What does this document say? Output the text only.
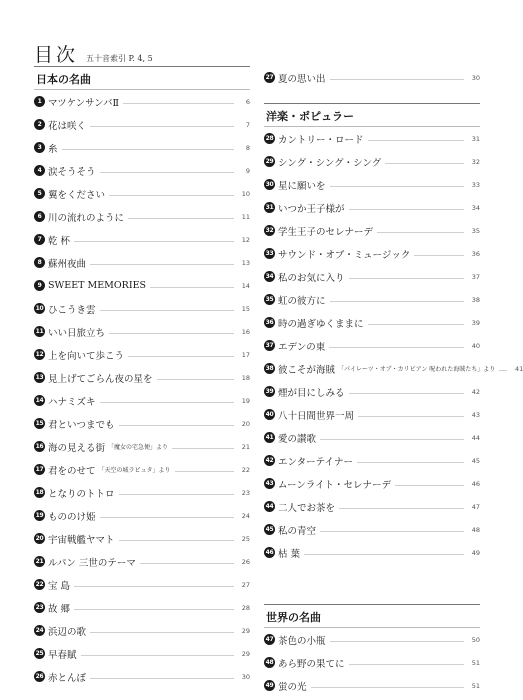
目次 五十音索引 P. 4, 5
日本の名曲
1 マツケンサンバⅡ	6
2 花は咲く	7
3 糸	8
4 涙そうそう	9
5 翼をください	10
6 川の流れのように	11
7 乾 杯	12
8 蘇州夜曲	13
9 SWEET MEMORIES	14
10 ひこうき雲	15
11 いい日旅立ち	16
12 上を向いて歩こう	17
13 見上げてごらん夜の星を	18
14 ハナミズキ	19
15 君といつまでも	20
16 海の見える街 「魔女の宅急便」より	21
17 君をのせて 「天空の城ラピュタ」より	22
18 となりのトトロ	23
19 もののけ姫	24
20 宇宙戦艦ヤマト	25
21 ルパン 三世のテーマ	26
22 宝 島	27
23 故 郷	28
24 浜辺の歌	29
25 早春賦	29
26 赤とんぼ	30
27 夏の思い出	30
洋楽・ポピュラー
28 カントリー・ロード	31
29 シング・シング・シング	32
30 星に願いを	33
31 いつか王子様が	34
32 学生王子のセレナーデ	35
33 サウンド・オブ・ミュージック	36
34 私のお気に入り	37
35 虹の彼方に	38
36 時の過ぎゆくままに	39
37 エデンの東	40
38 彼こそが海賊 「パイレーツ・オブ・カリビアン 呪われた海賊たち」より	41
39 煙が目にしみる	42
40 八十日間世界一周	43
41 愛の讃歌	44
42 エンターテイナー	45
43 ムーンライト・セレナーデ	46
44 二人でお茶を	47
45 私の青空	48
46 枯 葉	49
世界の名曲
47 茶色の小瓶	50
48 あら野の果てに	51
49 蛍の光	51
